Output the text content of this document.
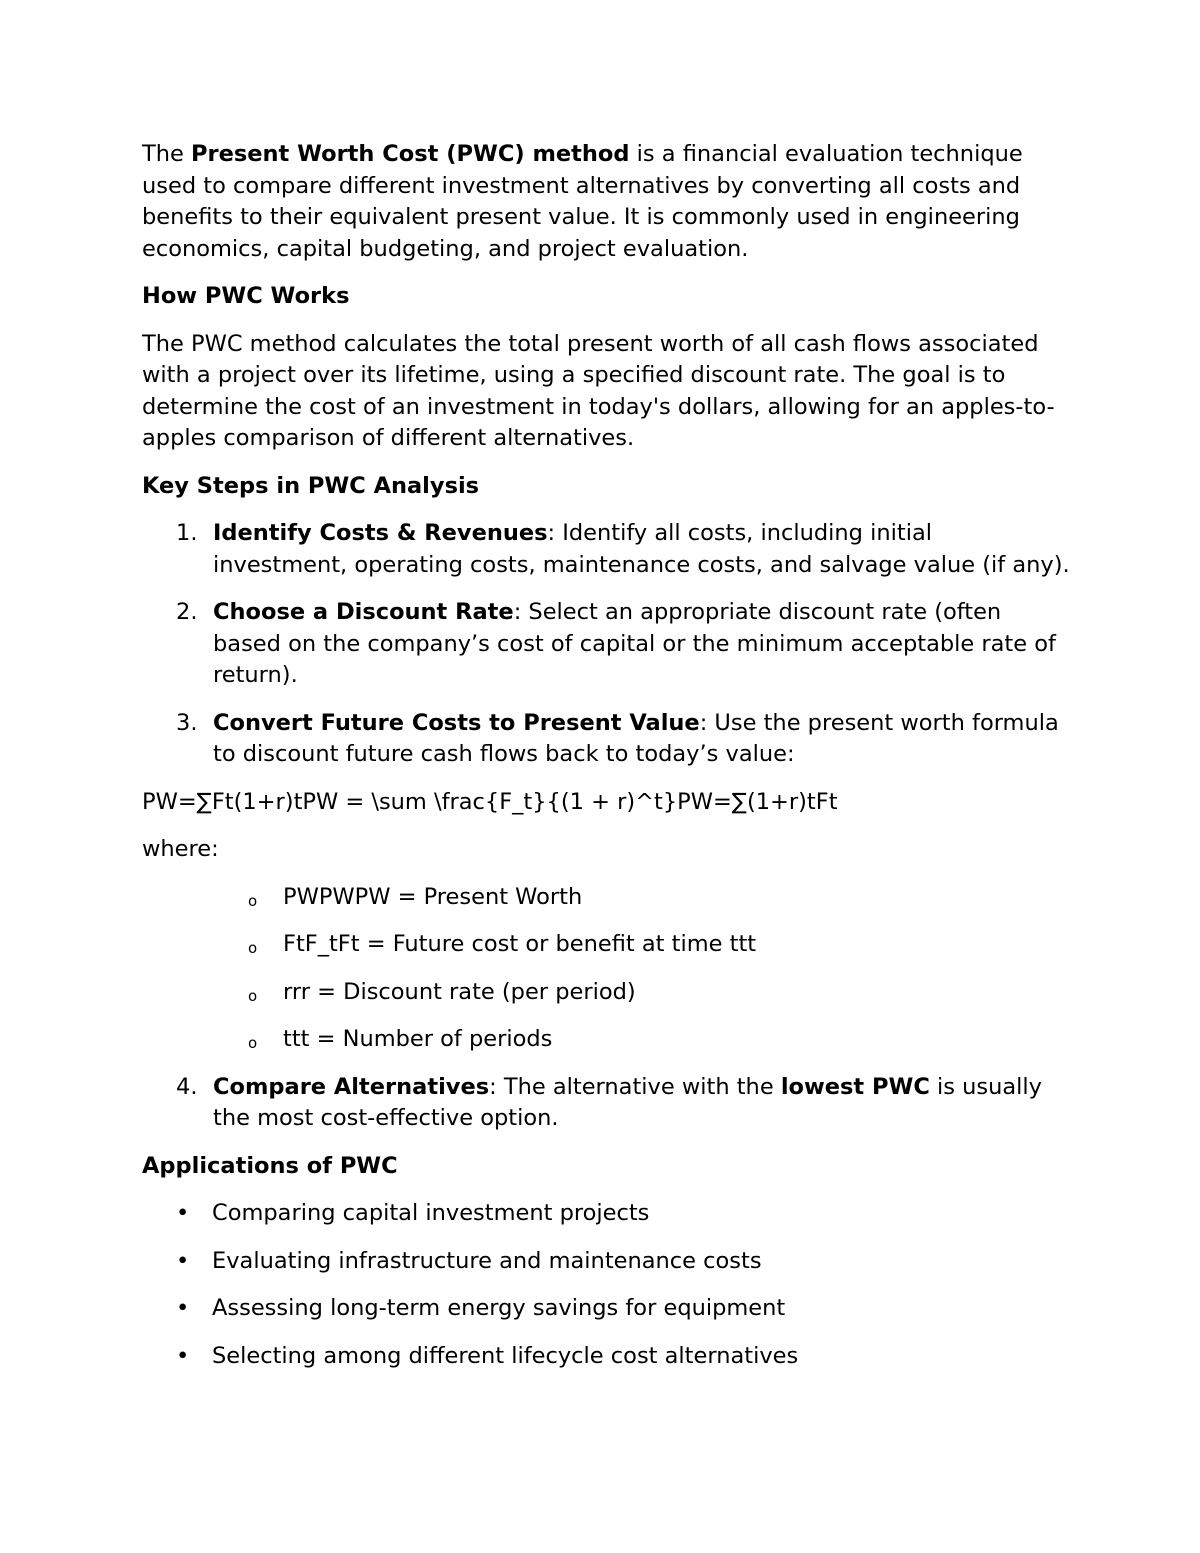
The Present Worth Cost (PWC) method is a financial evaluation technique used to compare different investment alternatives by converting all costs and benefits to their equivalent present value. It is commonly used in engineering economics, capital budgeting, and project evaluation.

How PWC Works

The PWC method calculates the total present worth of all cash flows associated with a project over its lifetime, using a specified discount rate. The goal is to determine the cost of an investment in today's dollars, allowing for an apples-to-apples comparison of different alternatives.

Key Steps in PWC Analysis

1. Identify Costs & Revenues: Identify all costs, including initial investment, operating costs, maintenance costs, and salvage value (if any).
2. Choose a Discount Rate: Select an appropriate discount rate (often based on the company’s cost of capital or the minimum acceptable rate of return).
3. Convert Future Costs to Present Value: Use the present worth formula to discount future cash flows back to today’s value:

PW=∑Ft(1+r)tPW = \sum \frac{F_t}{(1 + r)^t}PW=∑(1+r)tFt

where:

o PWPWPW = Present Worth
o FtF_tFt = Future cost or benefit at time ttt
o rrr = Discount rate (per period)
o ttt = Number of periods
4. Compare Alternatives: The alternative with the lowest PWC is usually the most cost-effective option.

Applications of PWC

• Comparing capital investment projects
• Evaluating infrastructure and maintenance costs
• Assessing long-term energy savings for equipment
• Selecting among different lifecycle cost alternatives
